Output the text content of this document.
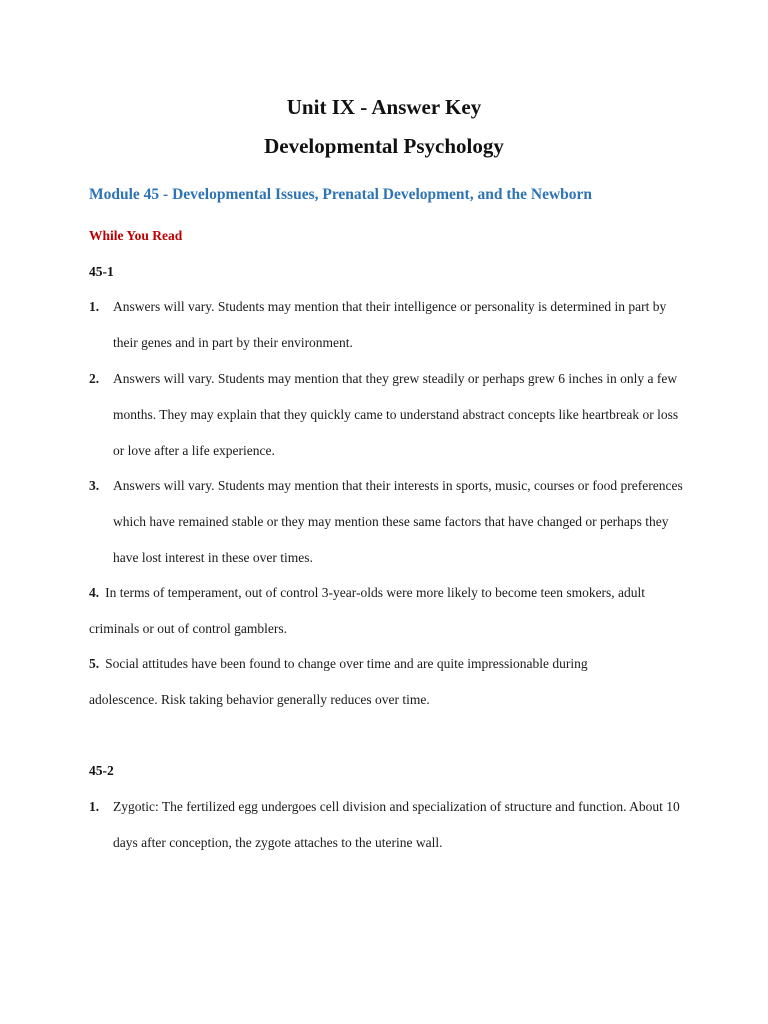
Unit IX - Answer Key
Developmental Psychology
Module 45 - Developmental Issues, Prenatal Development, and the Newborn
While You Read
45-1

1. Answers will vary. Students may mention that their intelligence or personality is determined in part by their genes and in part by their environment.

2. Answers will vary. Students may mention that they grew steadily or perhaps grew 6 inches in only a few months. They may explain that they quickly came to understand abstract concepts like heartbreak or loss or love after a life experience.

3. Answers will vary. Students may mention that their interests in sports, music, courses or food preferences which have remained stable or they may mention these same factors that have changed or perhaps they have lost interest in these over times.

4. In terms of temperament, out of control 3-year-olds were more likely to become teen smokers, adult criminals or out of control gamblers.

5. Social attitudes have been found to change over time and are quite impressionable during adolescence. Risk taking behavior generally reduces over time.

45-2

1. Zygotic: The fertilized egg undergoes cell division and specialization of structure and function. About 10 days after conception, the zygote attaches to the uterine wall.
